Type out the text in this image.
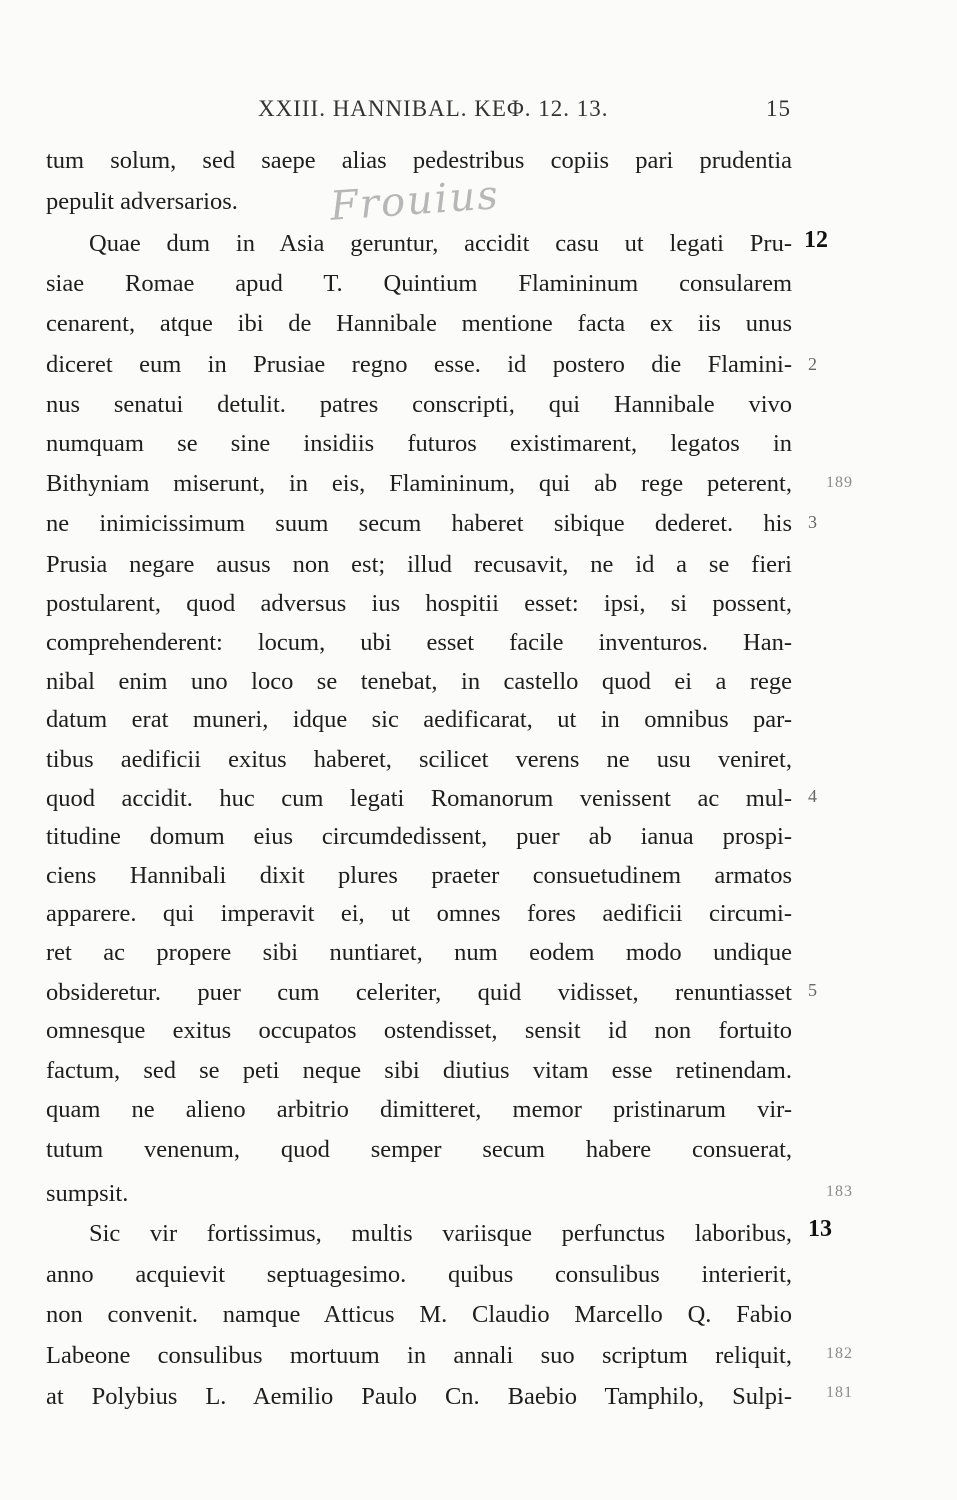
XXIII. HANNIBAL. ΚΕΦ. 12. 13.	15
Frouius
tum solum, sed saepe alias pedestribus copiis pari prudentia
pepulit adversarios.
Quae dum in Asia geruntur, accidit casu ut legati Pru-
siae Romae apud T. Quintium Flamininum consularem
cenarent, atque ibi de Hannibale mentione facta ex iis unus
diceret eum in Prusiae regno esse. id postero die Flamini-
nus senatui detulit. patres conscripti, qui Hannibale vivo
numquam se sine insidiis futuros existimarent, legatos in
Bithyniam miserunt, in eis, Flamininum, qui ab rege peterent,
ne inimicissimum suum secum haberet sibique dederet. his
Prusia negare ausus non est; illud recusavit, ne id a se fieri
postularent, quod adversus ius hospitii esset: ipsi, si possent,
comprehenderent: locum, ubi esset facile inventuros. Han-
nibal enim uno loco se tenebat, in castello quod ei a rege
datum erat muneri, idque sic aedificarat, ut in omnibus par-
tibus aedificii exitus haberet, scilicet verens ne usu veniret,
quod accidit. huc cum legati Romanorum venissent ac mul-
titudine domum eius circumdedissent, puer ab ianua prospi-
ciens Hannibali dixit plures praeter consuetudinem armatos
apparere. qui imperavit ei, ut omnes fores aedificii circumi-
ret ac propere sibi nuntiaret, num eodem modo undique
obsideretur. puer cum celeriter, quid vidisset, renuntiasset
omnesque exitus occupatos ostendisset, sensit id non fortuito
factum, sed se peti neque sibi diutius vitam esse retinendam.
quam ne alieno arbitrio dimitteret, memor pristinarum vir-
tutum venenum, quod semper secum habere consuerat,
sumpsit.
Sic vir fortissimus, multis variisque perfunctus laboribus,
anno acquievit septuagesimo. quibus consulibus interierit,
non convenit. namque Atticus M. Claudio Marcello Q. Fabio
Labeone consulibus mortuum in annali suo scriptum reliquit,
at Polybius L. Aemilio Paulo Cn. Baebio Tamphilo, Sulpi-
12
2
189
3
4
5
183
13
182
181
